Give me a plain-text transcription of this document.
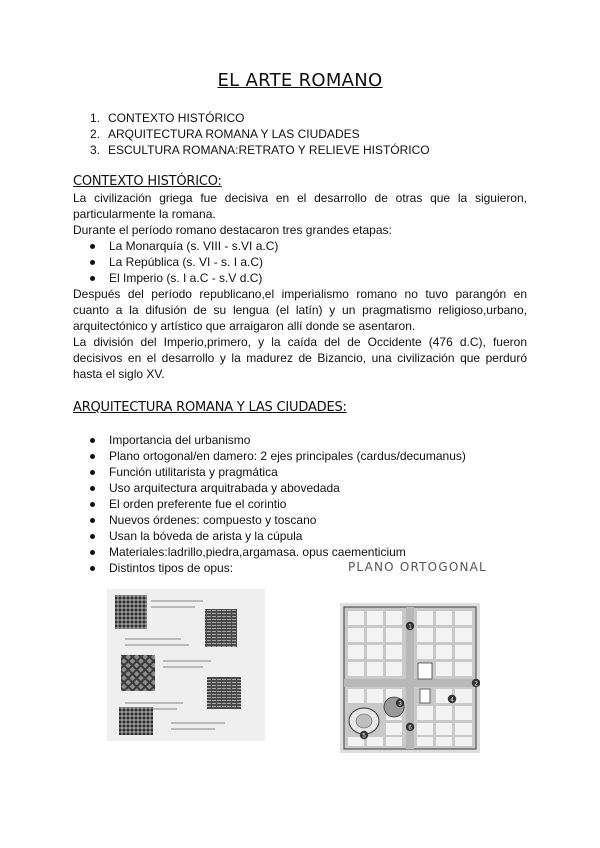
EL ARTE ROMANO
1. CONTEXTO HISTÓRICO
2. ARQUITECTURA ROMANA Y LAS CIUDADES
3. ESCULTURA ROMANA:RETRATO Y RELIEVE HISTÓRICO
CONTEXTO HISTÓRICO:

La civilización griega fue decisiva en el desarrollo de otras que la siguieron, particularmente la romana.

Durante el período romano destacaron tres grandes etapas:

La Monarquía (s. VIII - s.VI a.C)
La República (s. VI - s. I a.C)
El Imperio (s. I a.C - s.V d.C)

Después del período republicano,el imperialismo romano no tuvo parangón en cuanto a la difusión de su lengua (el latín) y un pragmatismo religioso,urbano, arquitectónico y artístico que arraigaron allí donde se asentaron.

La división del Imperio,primero, y la caída del de Occidente (476 d.C), fueron decisivos en el desarrollo y la madurez de Bizancio, una civilización que perduró hasta el siglo XV.

ARQUITECTURA ROMANA Y LAS CIUDADES:
Importancia del urbanismo
Plano ortogonal/en damero: 2 ejes principales (cardus/decumanus)
Función utilitarista y pragmática
Uso arquitectura arquitrabada y abovedada
El orden preferente fue el corintio
Nuevos órdenes: compuesto y toscano
Usan la bóveda de arista y la cúpula
Materiales:ladrillo,piedra,argamasa. opus caementicium
Distintos tipos de opus:	PLANO ORTOGONAL
1
2
3
4
5
6
